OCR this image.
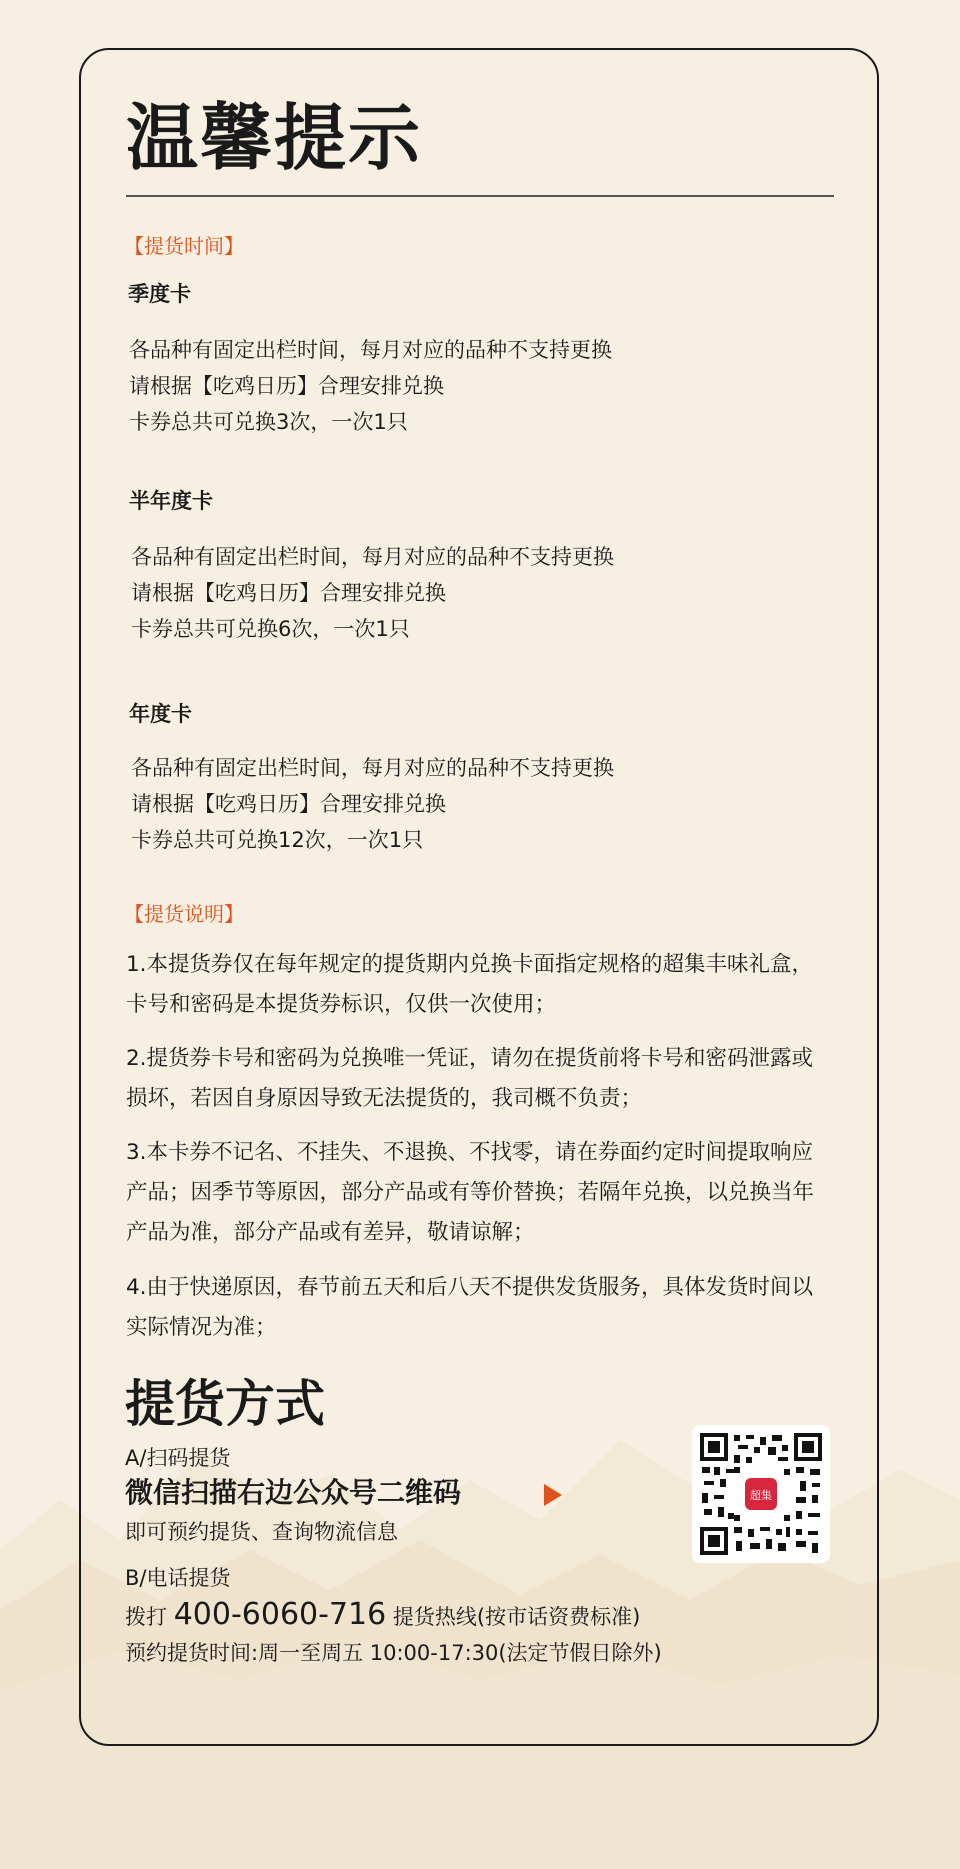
温馨提示
【提货时间】
季度卡
各品种有固定出栏时间，每月对应的品种不支持更换
请根据【吃鸡日历】合理安排兑换
卡券总共可兑换3次，一次1只
半年度卡
各品种有固定出栏时间，每月对应的品种不支持更换
请根据【吃鸡日历】合理安排兑换
卡券总共可兑换6次，一次1只
年度卡
各品种有固定出栏时间，每月对应的品种不支持更换
请根据【吃鸡日历】合理安排兑换
卡券总共可兑换12次，一次1只
【提货说明】

1.本提货券仅在每年规定的提货期内兑换卡面指定规格的超集丰味礼盒，卡号和密码是本提货券标识，仅供一次使用；

2.提货券卡号和密码为兑换唯一凭证，请勿在提货前将卡号和密码泄露或损坏，若因自身原因导致无法提货的，我司概不负责；

3.本卡券不记名、不挂失、不退换、不找零，请在券面约定时间提取响应产品；因季节等原因，部分产品或有等价替换；若隔年兑换，以兑换当年产品为准，部分产品或有差异，敬请谅解；

4.由于快递原因，春节前五天和后八天不提供发货服务，具体发货时间以实际情况为准；

提货方式
A/扫码提货
微信扫描右边公众号二维码
即可预约提货、查询物流信息
超集
B/电话提货
拨打 400-6060-716 提货热线(按市话资费标准)
预约提货时间:周一至周五 10:00-17:30(法定节假日除外)
